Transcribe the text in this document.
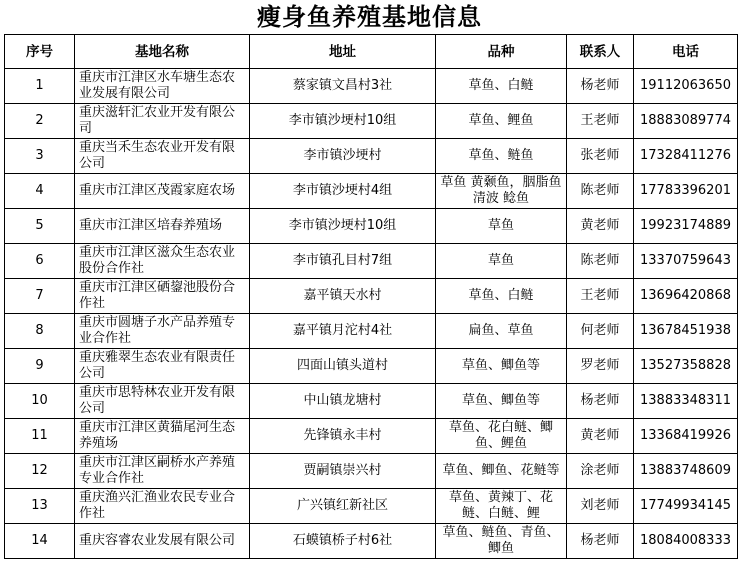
瘦身鱼养殖基地信息
序号	基地名称	地址	品种	联系人	电话
1	重庆市江津区水车塘生态农业发展有限公司	蔡家镇文昌村3社	草鱼、白鲢	杨老师	19112063650
2	重庆滋轩汇农业开发有限公司	李市镇沙埂村10组	草鱼、鲤鱼	王老师	18883089774
3	重庆当禾生态农业开发有限公司	李市镇沙埂村	草鱼、鲢鱼	张老师	17328411276
4	重庆市江津区茂霞家庭农场	李市镇沙埂村4组	草鱼 黄颡鱼，胭脂鱼 清波 鲶鱼	陈老师	17783396201
5	重庆市江津区培春养殖场	李市镇沙埂村10组	草鱼	黄老师	19923174889
6	重庆市江津区滋众生态农业股份合作社	李市镇孔目村7组	草鱼	陈老师	13370759643
7	重庆市江津区硒鋆池股份合作社	嘉平镇天水村	草鱼、白鲢	王老师	13696420868
8	重庆市圆塘子水产品养殖专业合作社	嘉平镇月沱村4社	扁鱼、草鱼	何老师	13678451938
9	重庆雅翠生态农业有限责任公司	四面山镇头道村	草鱼、鲫鱼等	罗老师	13527358828
10	重庆市思特林农业开发有限公司	中山镇龙塘村	草鱼、鲫鱼等	杨老师	13883348311
11	重庆市江津区黄猫尾河生态养殖场	先锋镇永丰村	草鱼、花白鲢、鲫鱼、鲤鱼	黄老师	13368419926
12	重庆市江津区嗣桥水产养殖专业合作社	贾嗣镇崇兴村	草鱼、鲫鱼、花鲢等	涂老师	13883748609
13	重庆渔兴汇渔业农民专业合作社	广兴镇红新社区	草鱼、黄辣丁、花鲢、白鲢、鲤	刘老师	17749934145
14	重庆容睿农业发展有限公司	石蟆镇桥子村6社	草鱼、鲢鱼、青鱼、鲫鱼	杨老师	18084008333
